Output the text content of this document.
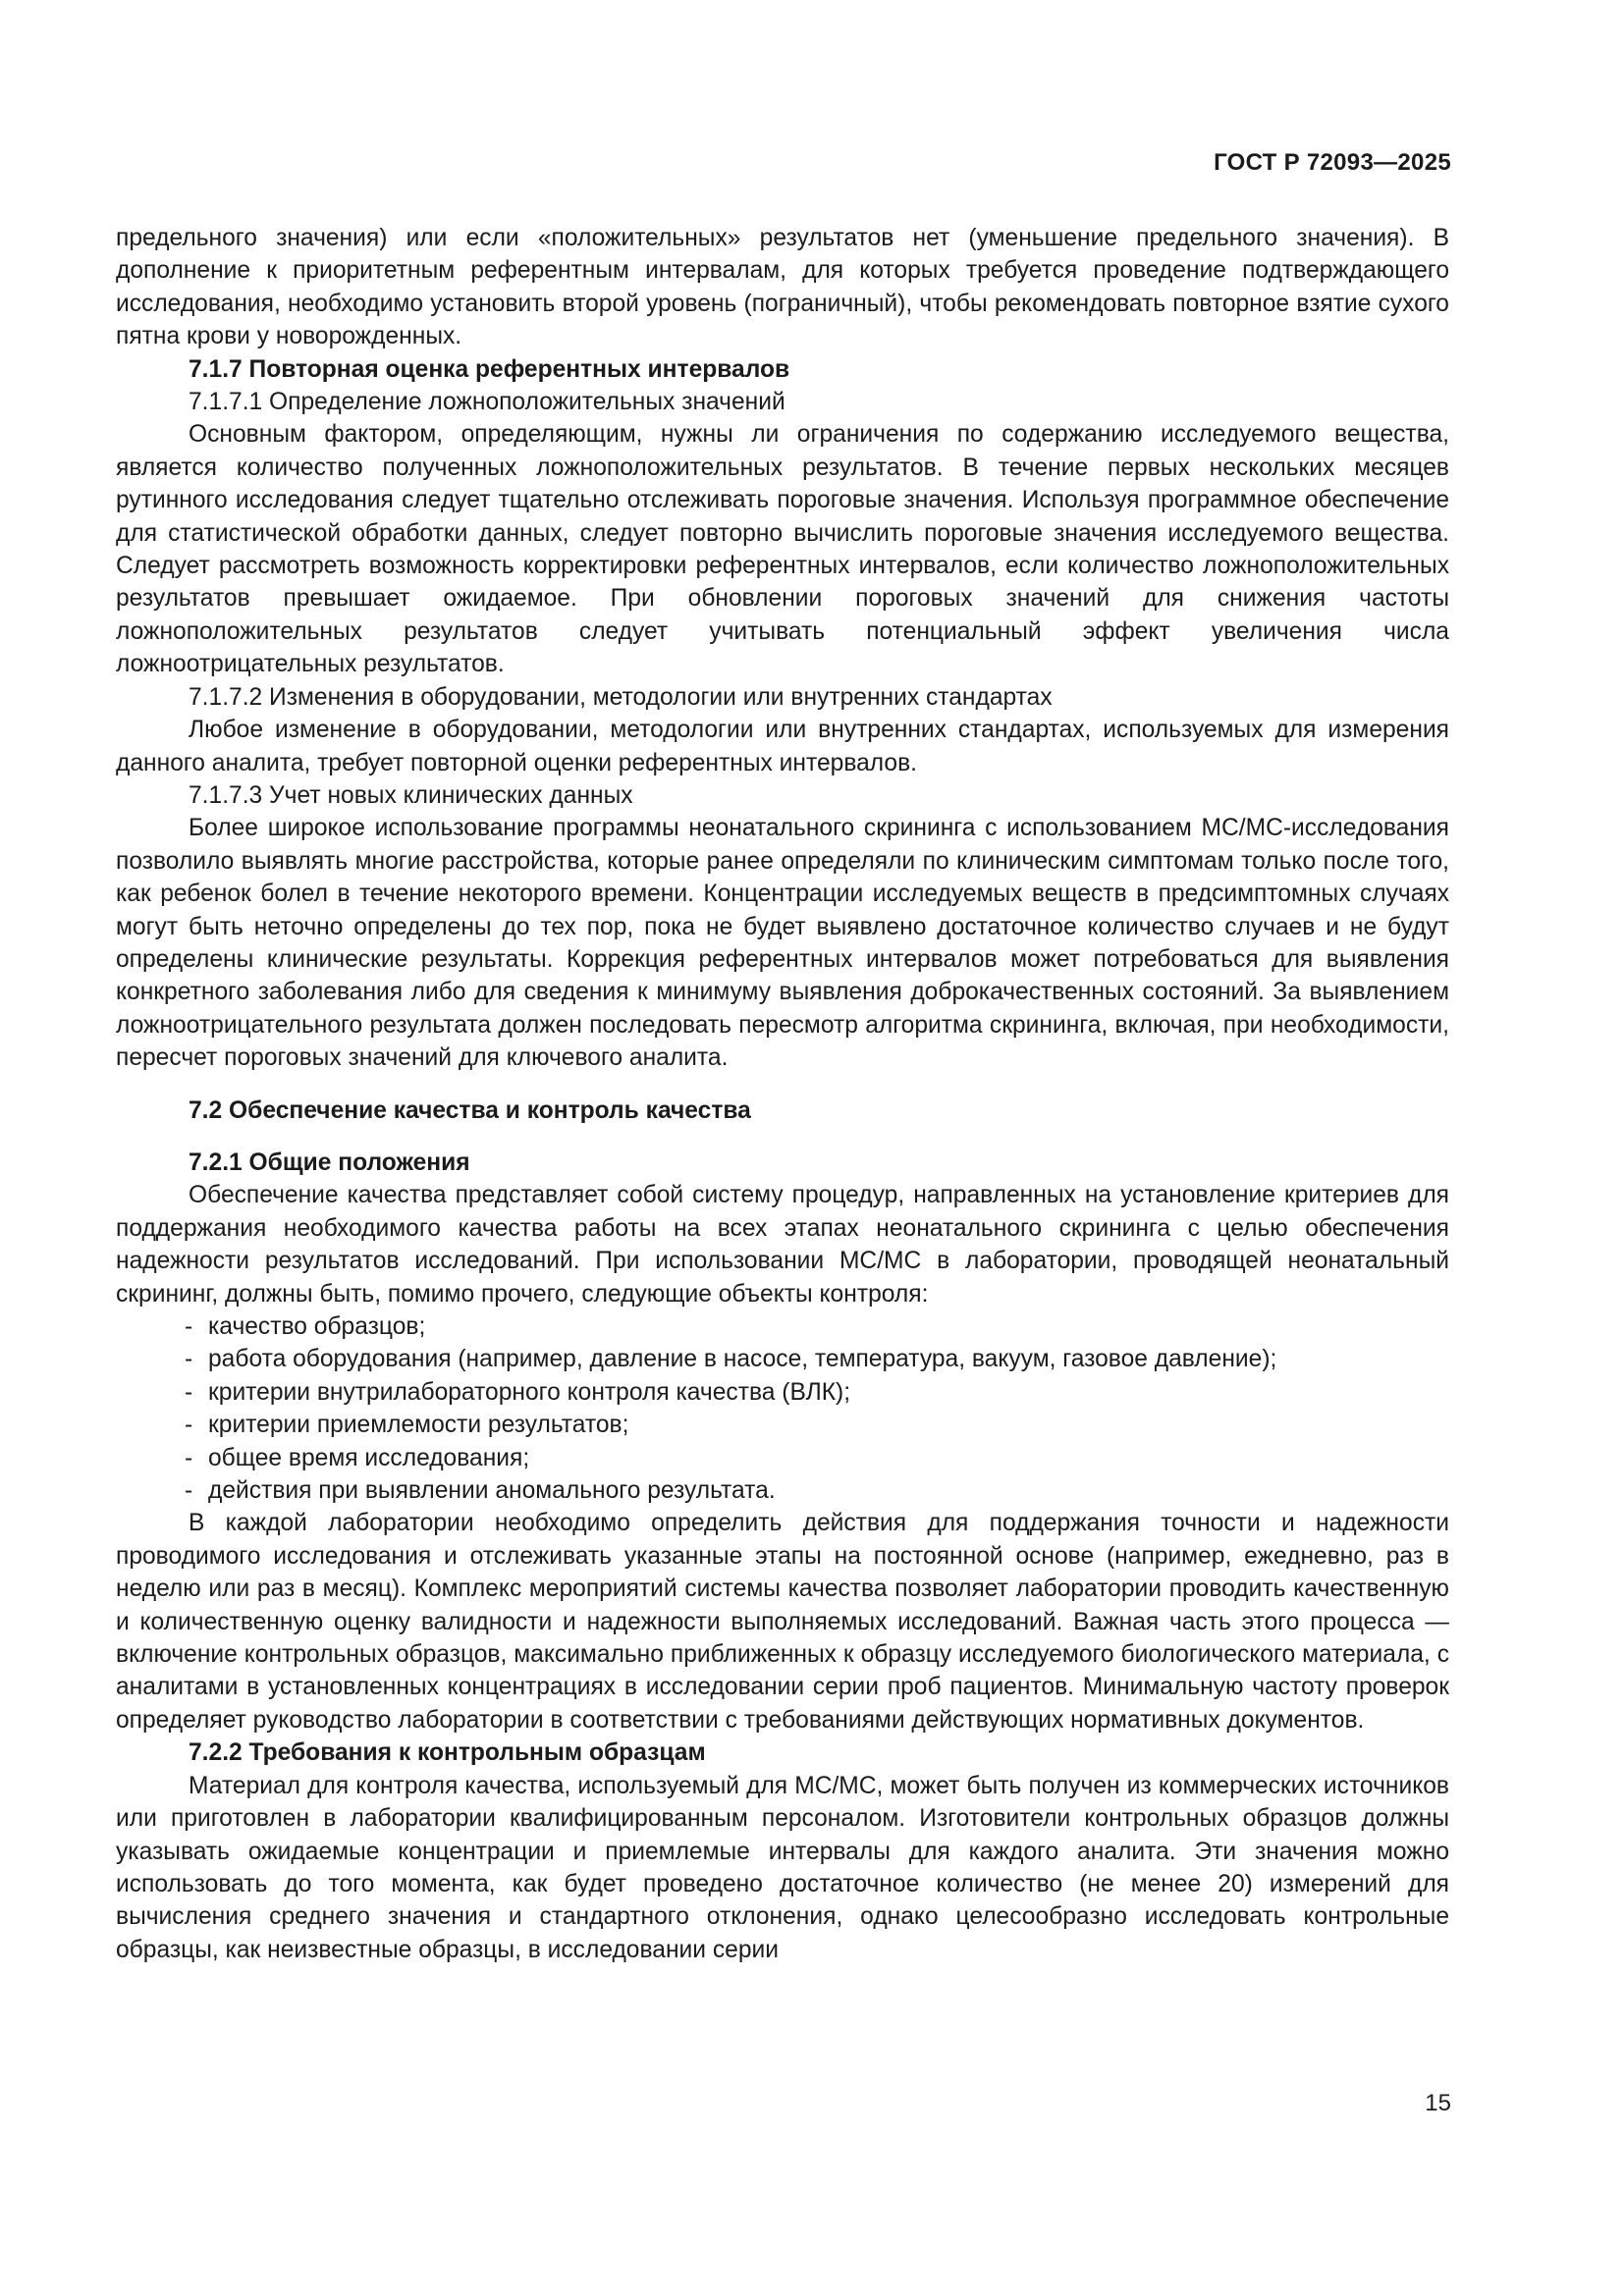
ГОСТ Р 72093—2025

предельного значения) или если «положительных» результатов нет (уменьшение предельного значения). В дополнение к приоритетным референтным интервалам, для которых требуется проведение подтверждающего исследования, необходимо установить второй уровень (пограничный), чтобы рекомендовать повторное взятие сухого пятна крови у новорожденных.

7.1.7 Повторная оценка референтных интервалов

7.1.7.1 Определение ложноположительных значений

Основным фактором, определяющим, нужны ли ограничения по содержанию исследуемого вещества, является количество полученных ложноположительных результатов. В течение первых нескольких месяцев рутинного исследования следует тщательно отслеживать пороговые значения. Используя программное обеспечение для статистической обработки данных, следует повторно вычислить пороговые значения исследуемого вещества. Следует рассмотреть возможность корректировки референтных интервалов, если количество ложноположительных результатов превышает ожидаемое. При обновлении пороговых значений для снижения частоты ложноположительных результатов следует учитывать потенциальный эффект увеличения числа ложноотрицательных результатов.

7.1.7.2 Изменения в оборудовании, методологии или внутренних стандартах

Любое изменение в оборудовании, методологии или внутренних стандартах, используемых для измерения данного аналита, требует повторной оценки референтных интервалов.

7.1.7.3 Учет новых клинических данных

Более широкое использование программы неонатального скрининга с использованием МС/МС-исследования позволило выявлять многие расстройства, которые ранее определяли по клиническим симптомам только после того, как ребенок болел в течение некоторого времени. Концентрации исследуемых веществ в предсимптомных случаях могут быть неточно определены до тех пор, пока не будет выявлено достаточное количество случаев и не будут определены клинические результаты. Коррекция референтных интервалов может потребоваться для выявления конкретного заболевания либо для сведения к минимуму выявления доброкачественных состояний. За выявлением ложноотрицательного результата должен последовать пересмотр алгоритма скрининга, включая, при необходимости, пересчет пороговых значений для ключевого аналита.

7.2 Обеспечение качества и контроль качества

7.2.1 Общие положения

Обеспечение качества представляет собой систему процедур, направленных на установление критериев для поддержания необходимого качества работы на всех этапах неонатального скрининга с целью обеспечения надежности результатов исследований. При использовании МС/МС в лаборатории, проводящей неонатальный скрининг, должны быть, помимо прочего, следующие объекты контроля:

- качество образцов;
- работа оборудования (например, давление в насосе, температура, вакуум, газовое давление);
- критерии внутрилабораторного контроля качества (ВЛК);
- критерии приемлемости результатов;
- общее время исследования;
- действия при выявлении аномального результата.

В каждой лаборатории необходимо определить действия для поддержания точности и надежности проводимого исследования и отслеживать указанные этапы на постоянной основе (например, ежедневно, раз в неделю или раз в месяц). Комплекс мероприятий системы качества позволяет лаборатории проводить качественную и количественную оценку валидности и надежности выполняемых исследований. Важная часть этого процесса — включение контрольных образцов, максимально приближенных к образцу исследуемого биологического материала, с аналитами в установленных концентрациях в исследовании серии проб пациентов. Минимальную частоту проверок определяет руководство лаборатории в соответствии с требованиями действующих нормативных документов.

7.2.2 Требования к контрольным образцам

Материал для контроля качества, используемый для МС/МС, может быть получен из коммерческих источников или приготовлен в лаборатории квалифицированным персоналом. Изготовители контрольных образцов должны указывать ожидаемые концентрации и приемлемые интервалы для каждого аналита. Эти значения можно использовать до того момента, как будет проведено достаточное количество (не менее 20) измерений для вычисления среднего значения и стандартного отклонения, однако целесообразно исследовать контрольные образцы, как неизвестные образцы, в исследовании серии

15
